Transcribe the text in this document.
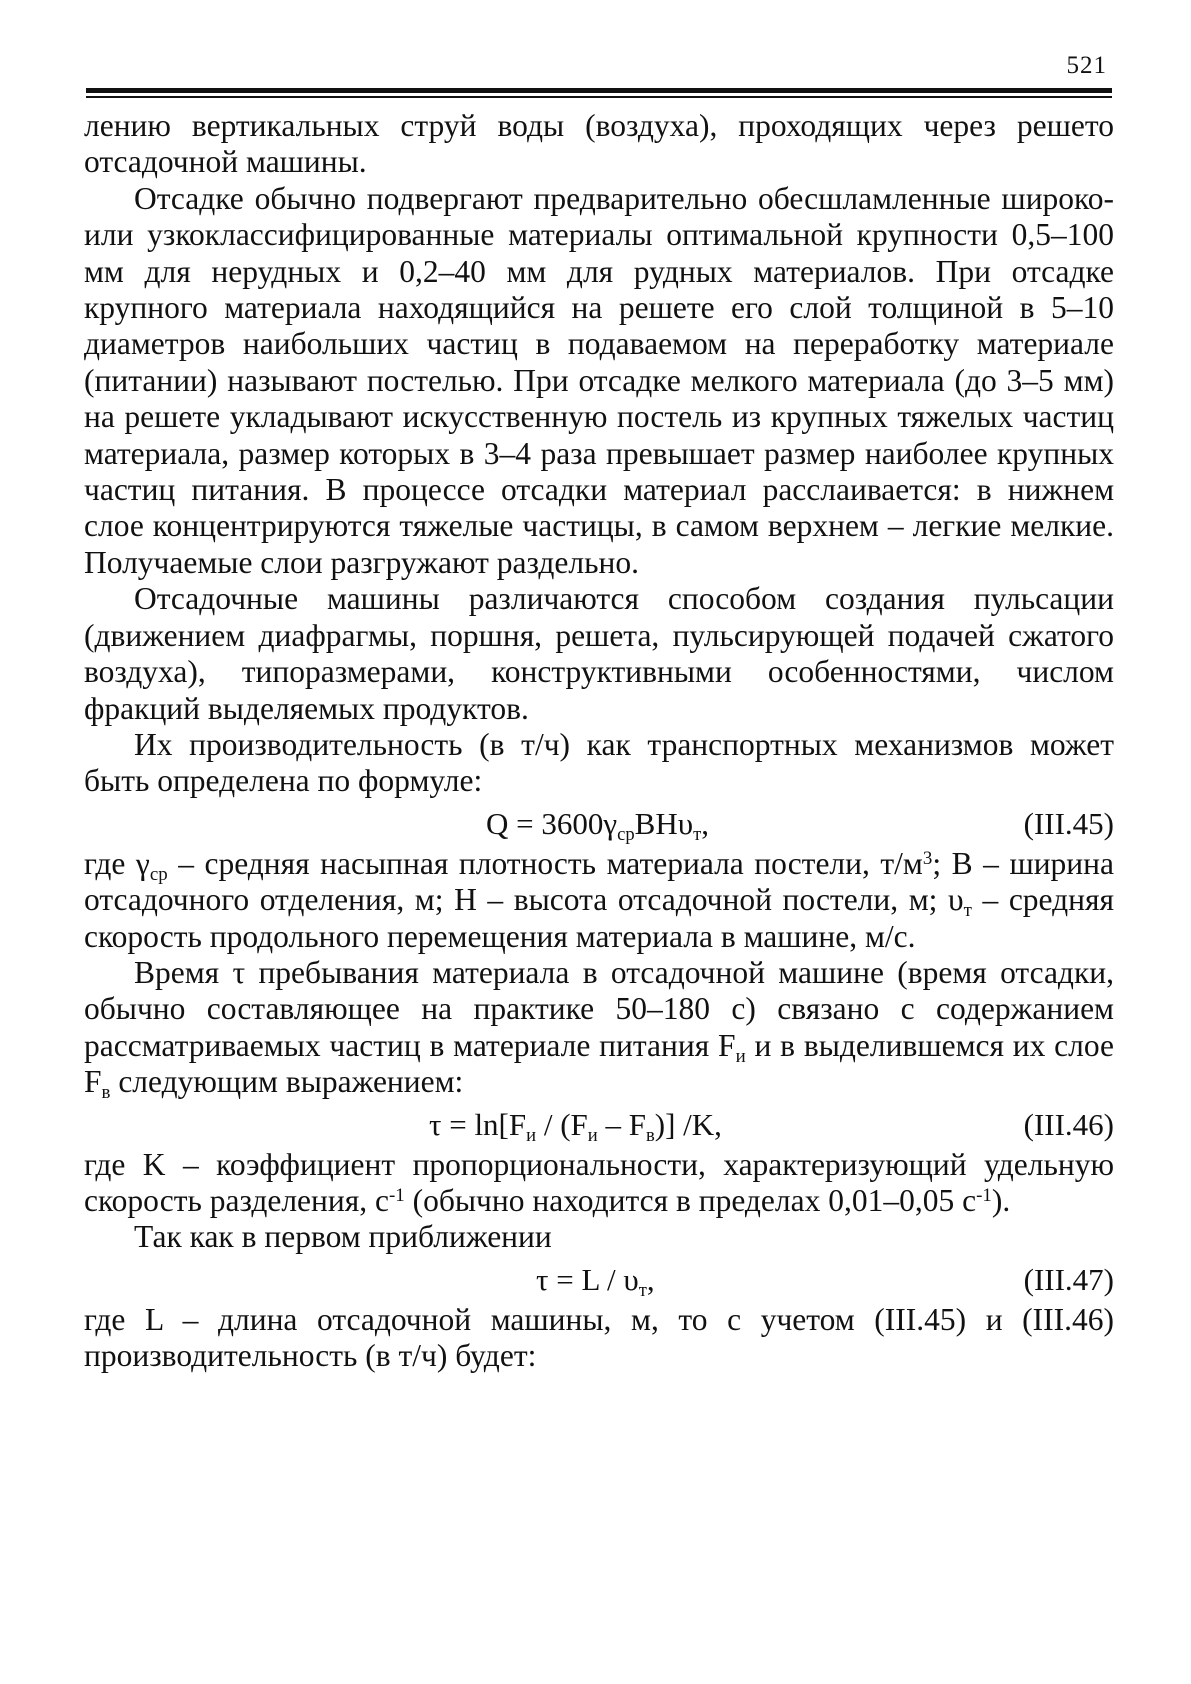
521

лению вертикальных струй воды (воздуха), проходящих через решето отсадочной машины.

Отсадке обычно подвергают предварительно обесшламленные широко- или узкоклассифицированные материалы оптимальной крупности 0,5–100 мм для нерудных и 0,2–40 мм для рудных материалов. При отсадке крупного материала находящийся на решете его слой толщиной в 5–10 диаметров наибольших частиц в подаваемом на переработку материале (питании) называют постелью. При отсадке мелкого материала (до 3–5 мм) на решете укладывают искусственную постель из крупных тяжелых частиц материала, размер которых в 3–4 раза превышает размер наиболее крупных частиц питания. В процессе отсадки материал расслаивается: в нижнем слое концентрируются тяжелые частицы, в самом верхнем – легкие мелкие. Получаемые слои разгружают раздельно.

Отсадочные машины различаются способом создания пульсации (движением диафрагмы, поршня, решета, пульсирующей подачей сжатого воздуха), типоразмерами, конструктивными особенностями, числом фракций выделяемых продуктов.

Их производительность (в т/ч) как транспортных механизмов может быть определена по формуле:

$Q = 3600\gamma_{ср}BH\upsilon_т$,	(III.45)

где $\gamma_{ср}$ – средняя насыпная плотность материала постели, $т/м^3$; B – ширина отсадочного отделения, м; H – высота отсадочной постели, м; $\upsilon_т$ – средняя скорость продольного перемещения материала в машине, м/с.

Время τ пребывания материала в отсадочной машине (время отсадки, обычно составляющее на практике 50–180 с) связано с содержанием рассматриваемых частиц в материале питания $F_и$ и в выделившемся их слое $F_в$ следующим выражением:

$\tau = \ln[F_и / (F_и - F_в)]$ /K,	(III.46)

где K – коэффициент пропорциональности, характеризующий удельную скорость разделения, $с^{-1}$ (обычно находится в пределах 0,01–0,05 $с^{-1}$).

Так как в первом приближении

$\tau = L / \upsilon_т$,	(III.47)

где L – длина отсадочной машины, м, то с учетом (III.45) и (III.46) производительность (в т/ч) будет:
